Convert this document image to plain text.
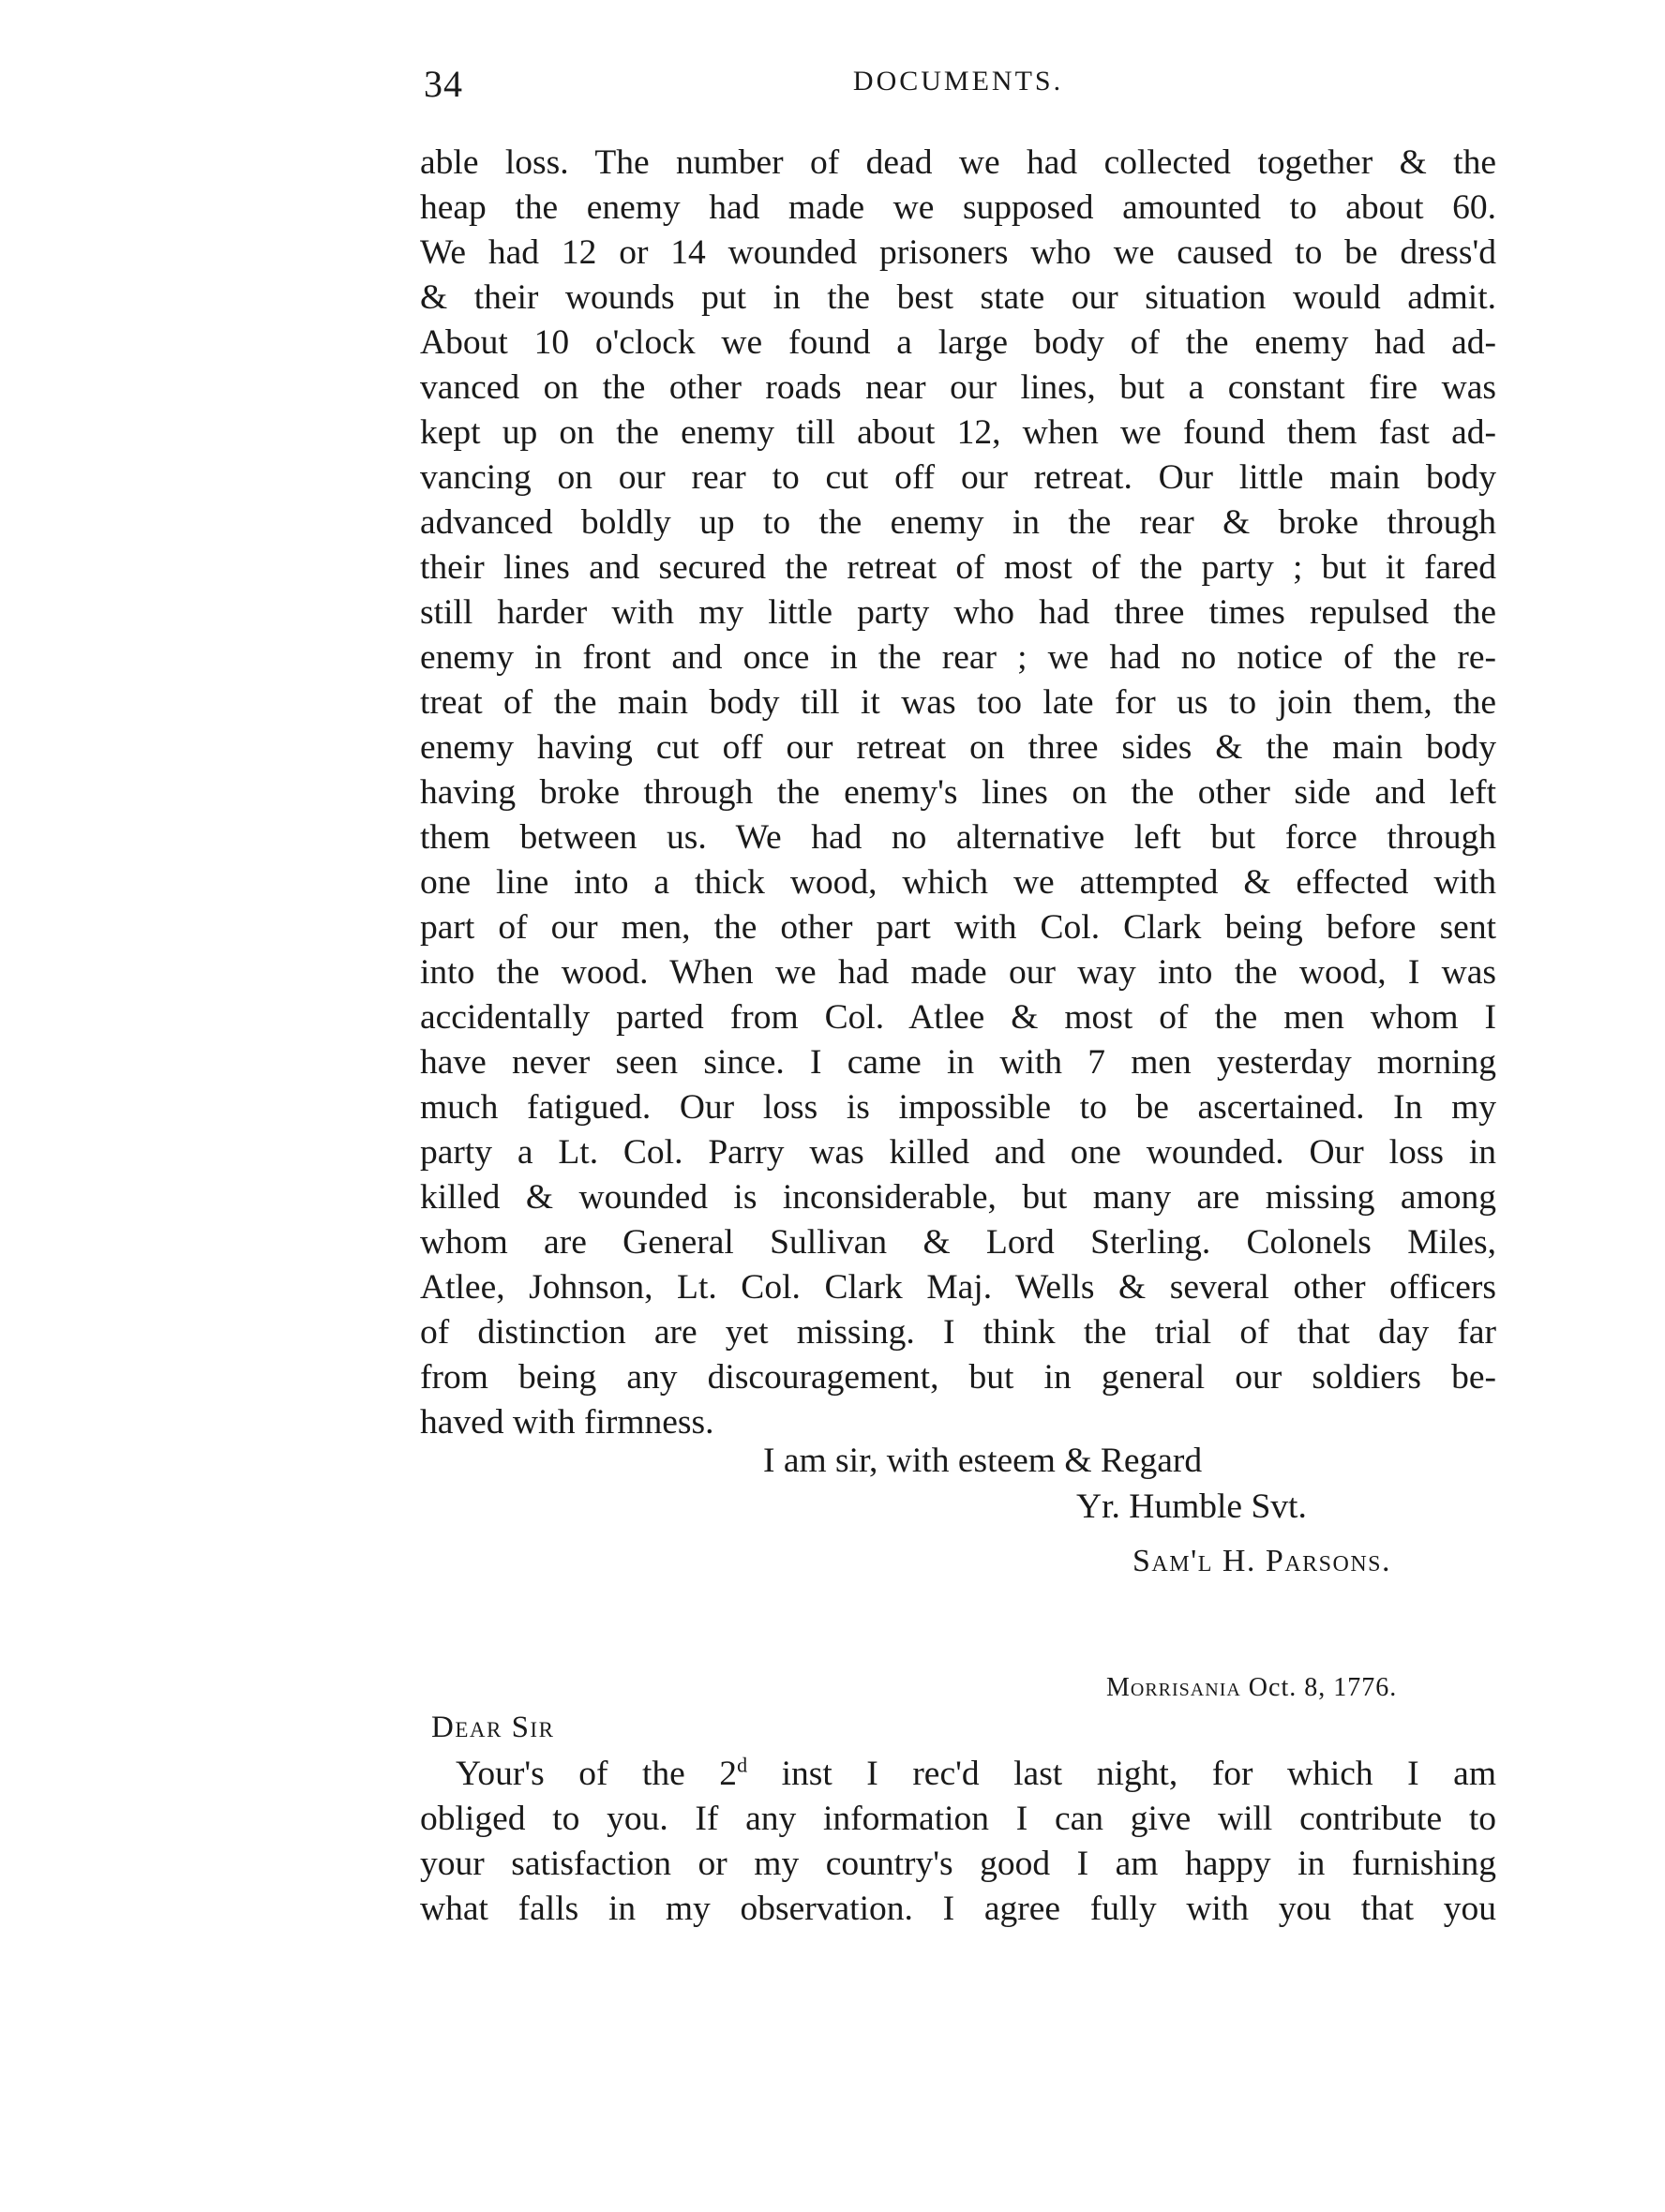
34	DOCUMENTS.
able loss. The number of dead we had collected together & the
heap the enemy had made we supposed amounted to about 60.
We had 12 or 14 wounded prisoners who we caused to be dress'd
& their wounds put in the best state our situation would admit.
About 10 o'clock we found a large body of the enemy had ad-
vanced on the other roads near our lines, but a constant fire was
kept up on the enemy till about 12, when we found them fast ad-
vancing on our rear to cut off our retreat. Our little main body
advanced boldly up to the enemy in the rear & broke through
their lines and secured the retreat of most of the party ; but it fared
still harder with my little party who had three times repulsed the
enemy in front and once in the rear ; we had no notice of the re-
treat of the main body till it was too late for us to join them, the
enemy having cut off our retreat on three sides & the main body
having broke through the enemy's lines on the other side and left
them between us. We had no alternative left but force through
one line into a thick wood, which we attempted & effected with
part of our men, the other part with Col. Clark being before sent
into the wood. When we had made our way into the wood, I was
accidentally parted from Col. Atlee & most of the men whom I
have never seen since. I came in with 7 men yesterday morning
much fatigued. Our loss is impossible to be ascertained. In my
party a Lt. Col. Parry was killed and one wounded. Our loss in
killed & wounded is inconsiderable, but many are missing among
whom are General Sullivan & Lord Sterling. Colonels Miles,
Atlee, Johnson, Lt. Col. Clark Maj. Wells & several other officers
of distinction are yet missing. I think the trial of that day far
from being any discouragement, but in general our soldiers be-
haved with firmness.
I am sir, with esteem & Regard
Yr. Humble Svt.
Sam'l H. Parsons.
Morrisania Oct. 8, 1776.
Dear Sir
Your's of the 2$^d$ inst I rec'd last night, for which I am
obliged to you. If any information I can give will contribute to
your satisfaction or my country's good I am happy in furnishing
what falls in my observation. I agree fully with you that you
